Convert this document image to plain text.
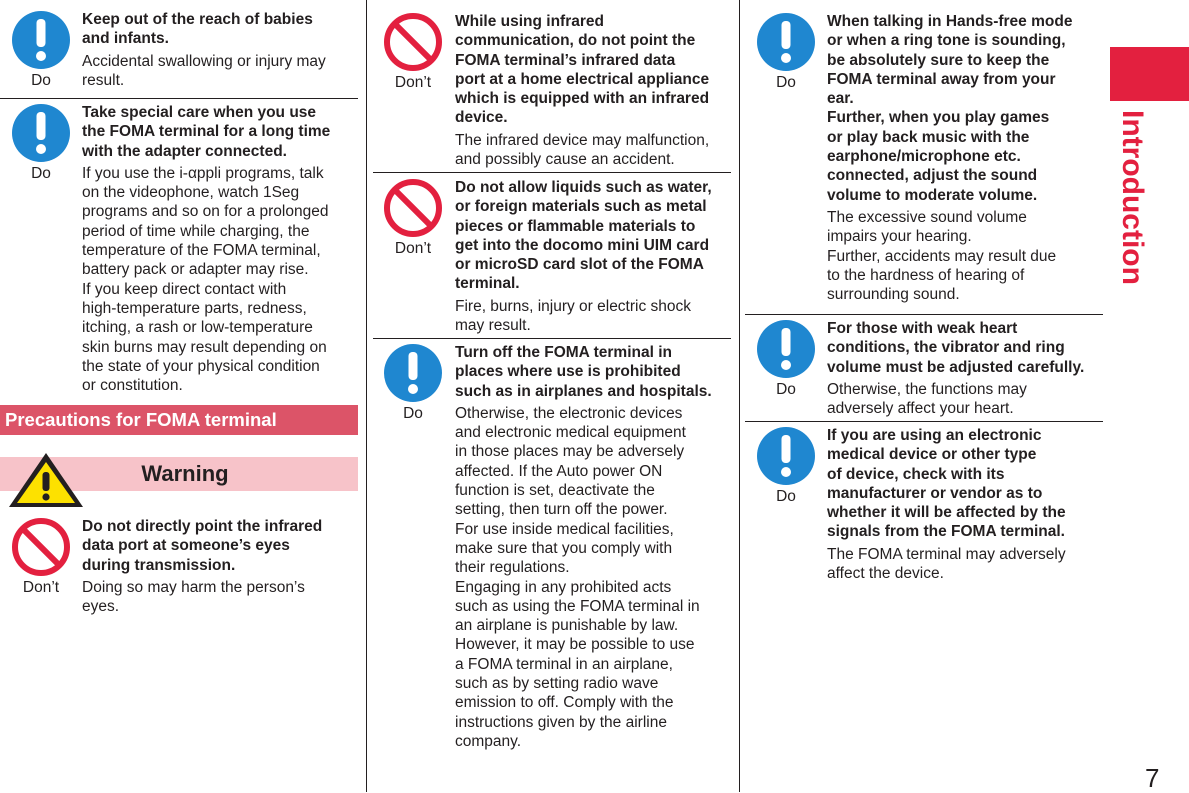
Do

Keep out of the reach of babies
and infants.

Accidental swallowing or injury may
result.

Do

Take special care when you use
the FOMA terminal for a long time
with the adapter connected.

If you use the i-αppli programs, talk
on the videophone, watch 1Seg
programs and so on for a prolonged
period of time while charging, the
temperature of the FOMA terminal,
battery pack or adapter may rise.
If you keep direct contact with
high-temperature parts, redness,
itching, a rash or low-temperature
skin burns may result depending on
the state of your physical condition
or constitution.

Precautions for FOMA terminal
Warning
Don’t

Do not directly point the infrared
data port at someone’s eyes
during transmission.

Doing so may harm the person’s
eyes.

Don’t

While using infrared
communication, do not point the
FOMA terminal’s infrared data
port at a home electrical appliance
which is equipped with an infrared
device.

The infrared device may malfunction,
and possibly cause an accident.

Don’t

Do not allow liquids such as water,
or foreign materials such as metal
pieces or flammable materials to
get into the docomo mini UIM card
or microSD card slot of the FOMA
terminal.

Fire, burns, injury or electric shock
may result.

Do

Turn off the FOMA terminal in
places where use is prohibited
such as in airplanes and hospitals.

Otherwise, the electronic devices
and electronic medical equipment
in those places may be adversely
affected. If the Auto power ON
function is set, deactivate the
setting, then turn off the power.
For use inside medical facilities,
make sure that you comply with
their regulations.
Engaging in any prohibited acts
such as using the FOMA terminal in
an airplane is punishable by law.
However, it may be possible to use
a FOMA terminal in an airplane,
such as by setting radio wave
emission to off. Comply with the
instructions given by the airline
company.

Do

When talking in Hands-free mode
or when a ring tone is sounding,
be absolutely sure to keep the
FOMA terminal away from your
ear.
Further, when you play games
or play back music with the
earphone/microphone etc.
connected, adjust the sound
volume to moderate volume.

The excessive sound volume
impairs your hearing.
Further, accidents may result due
to the hardness of hearing of
surrounding sound.

Do

For those with weak heart
conditions, the vibrator and ring
volume must be adjusted carefully.

Otherwise, the functions may
adversely affect your heart.

Do

If you are using an electronic
medical device or other type
of device, check with its
manufacturer or vendor as to
whether it will be affected by the
signals from the FOMA terminal.

The FOMA terminal may adversely
affect the device.

Introduction
7
